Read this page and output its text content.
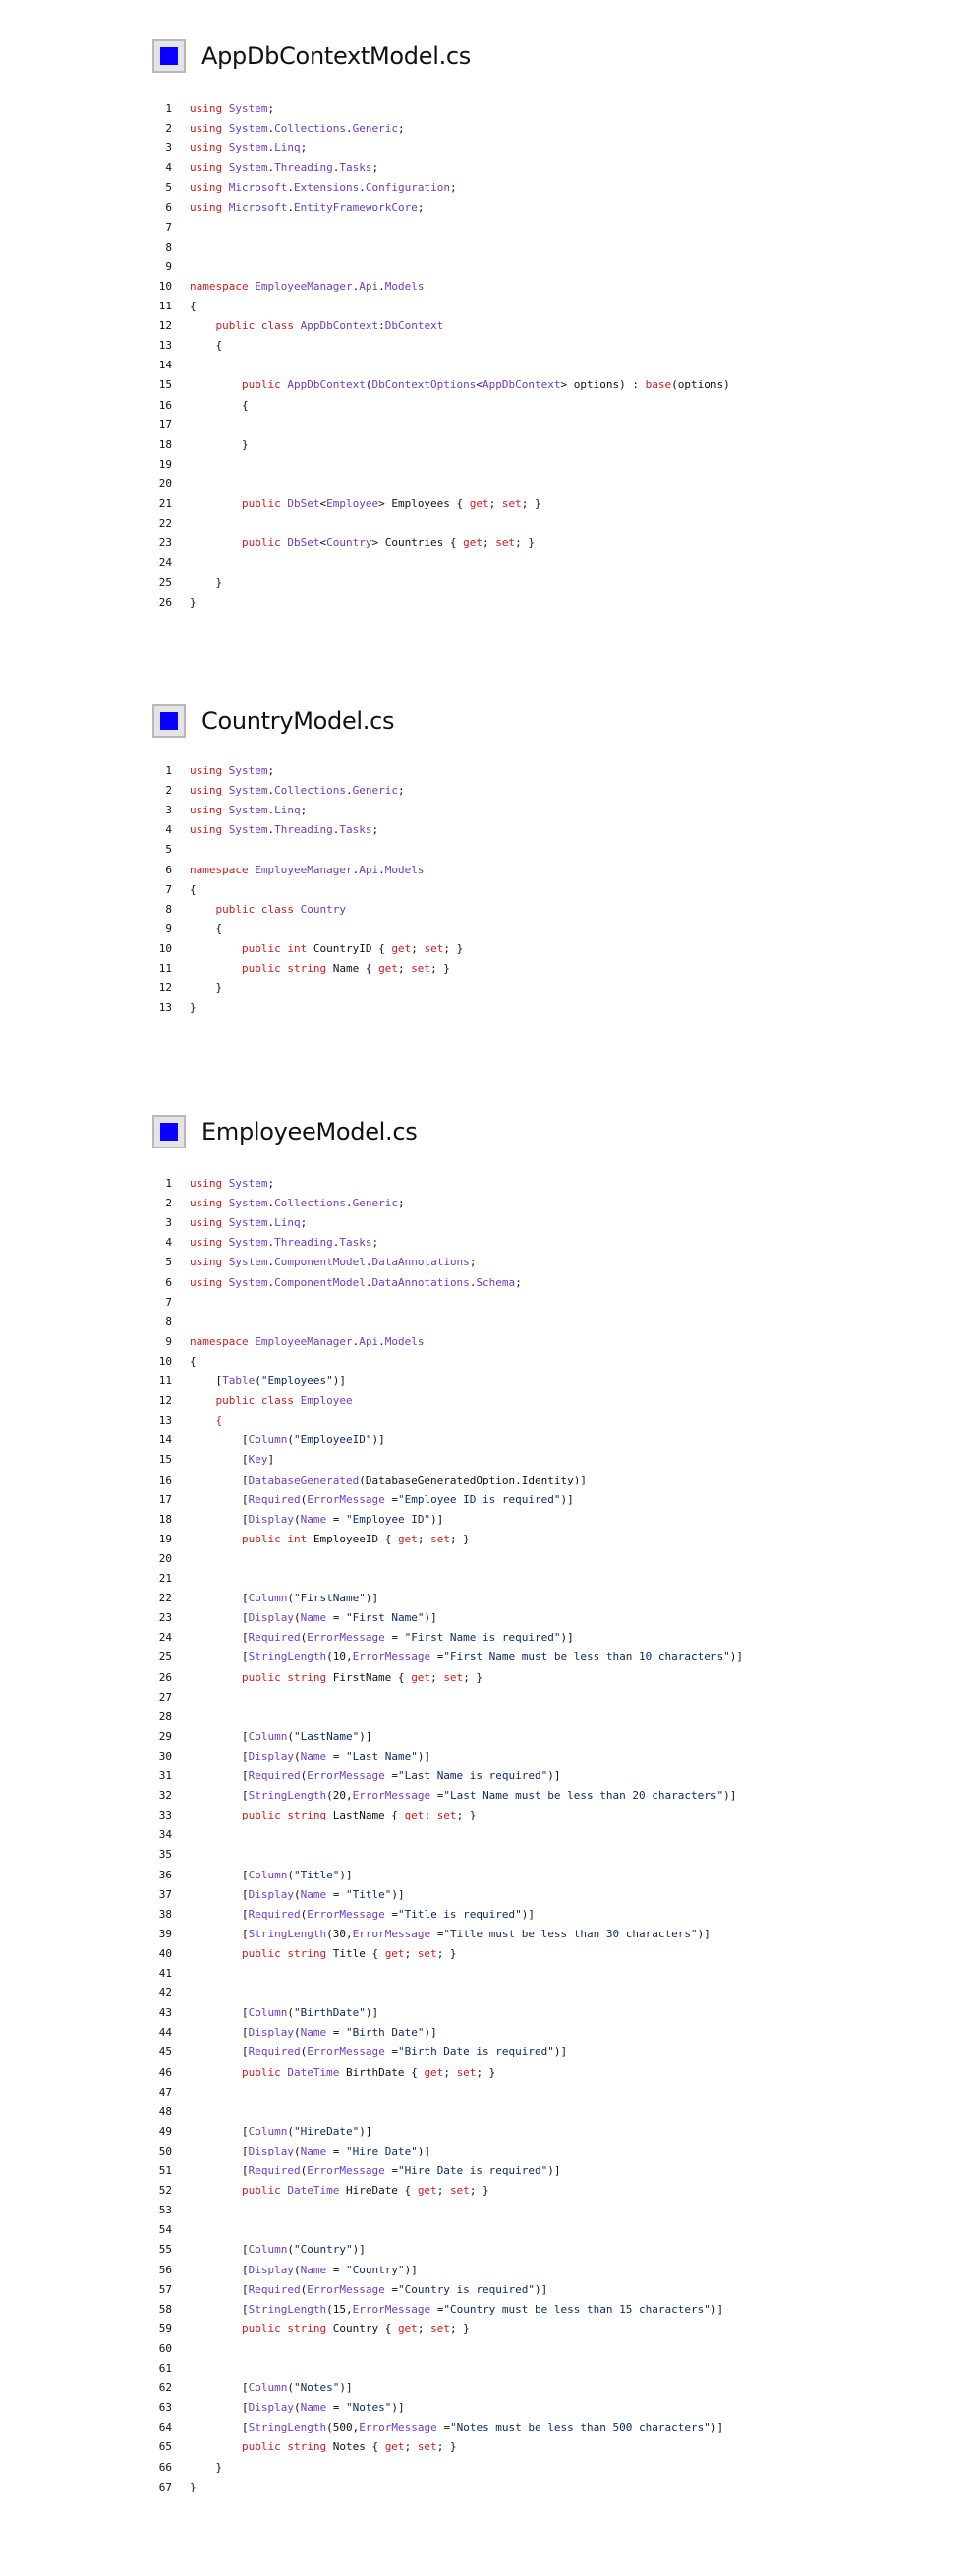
AppDbContextModel.cs
1 using System;
2 using System.Collections.Generic;
3 using System.Linq;
4 using System.Threading.Tasks;
5 using Microsoft.Extensions.Configuration;
6 using Microsoft.EntityFrameworkCore;
7
8
9
10 namespace EmployeeManager.Api.Models
11 {
12	public class AppDbContext:DbContext
13 {
14
15	public AppDbContext(DbContextOptions<AppDbContext> options) : base(options)
16 {
17
18 }
19
20
21	public DbSet<Employee> Employees { get; set; }
22
23	public DbSet<Country> Countries { get; set; }
24
25 }
26 }
CountryModel.cs
1 using System;
2 using System.Collections.Generic;
3 using System.Linq;
4 using System.Threading.Tasks;
5
6 namespace EmployeeManager.Api.Models
7 {
8	public class Country
9 {
10	public int CountryID { get; set; }
11	public string Name { get; set; }
12 }
13 }
EmployeeModel.cs
1 using System;
2 using System.Collections.Generic;
3 using System.Linq;
4 using System.Threading.Tasks;
5 using System.ComponentModel.DataAnnotations;
6 using System.ComponentModel.DataAnnotations.Schema;
7
8
9 namespace EmployeeManager.Api.Models
10 {
11 [Table("Employees")]
12	public class Employee
13	{
14 [Column("EmployeeID")]
15 [Key]
16 [DatabaseGenerated(DatabaseGeneratedOption.Identity)]
17 [Required(ErrorMessage ="Employee ID is required")]
18 [Display(Name = "Employee ID")]
19	public int EmployeeID { get; set; }
20
21
22 [Column("FirstName")]
23 [Display(Name = "First Name")]
24 [Required(ErrorMessage = "First Name is required")]
25 [StringLength(10,ErrorMessage ="First Name must be less than 10 characters")]
26	public string FirstName { get; set; }
27
28
29 [Column("LastName")]
30 [Display(Name = "Last Name")]
31 [Required(ErrorMessage ="Last Name is required")]
32 [StringLength(20,ErrorMessage ="Last Name must be less than 20 characters")]
33	public string LastName { get; set; }
34
35
36 [Column("Title")]
37 [Display(Name = "Title")]
38 [Required(ErrorMessage ="Title is required")]
39 [StringLength(30,ErrorMessage ="Title must be less than 30 characters")]
40	public string Title { get; set; }
41
42
43 [Column("BirthDate")]
44 [Display(Name = "Birth Date")]
45 [Required(ErrorMessage ="Birth Date is required")]
46	public DateTime BirthDate { get; set; }
47
48
49 [Column("HireDate")]
50 [Display(Name = "Hire Date")]
51 [Required(ErrorMessage ="Hire Date is required")]
52	public DateTime HireDate { get; set; }
53
54
55 [Column("Country")]
56 [Display(Name = "Country")]
57 [Required(ErrorMessage ="Country is required")]
58 [StringLength(15,ErrorMessage ="Country must be less than 15 characters")]
59	public string Country { get; set; }
60
61
62 [Column("Notes")]
63 [Display(Name = "Notes")]
64 [StringLength(500,ErrorMessage ="Notes must be less than 500 characters")]
65	public string Notes { get; set; }
66 }
67 }
